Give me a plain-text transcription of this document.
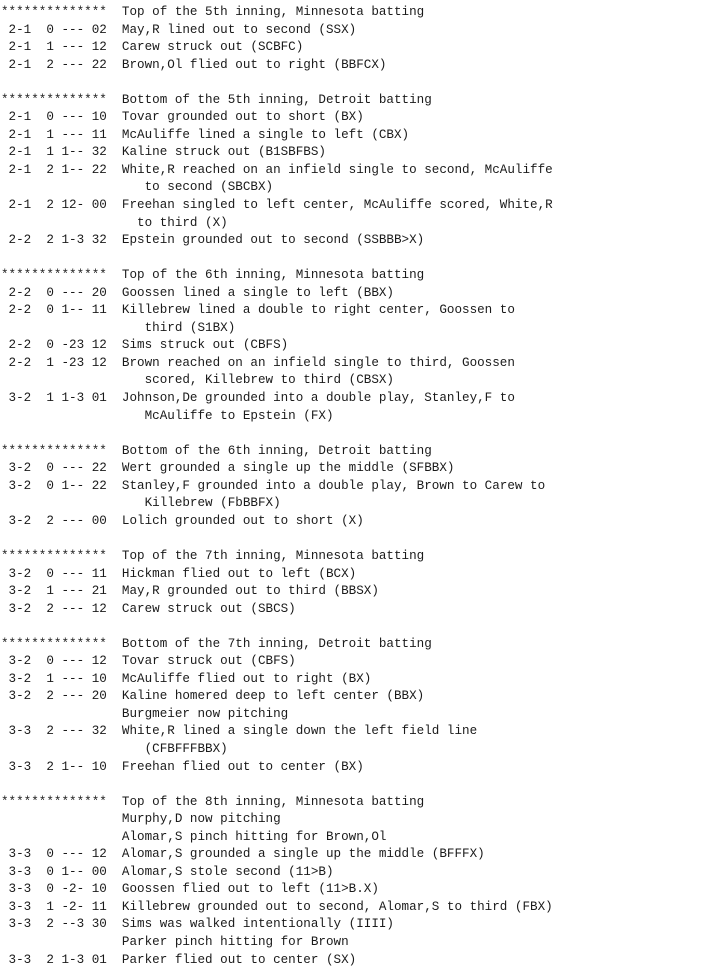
**************  Top of the 5th inning, Minnesota batting
2-1  0 --- 02  May,R lined out to second (SSX)
2-1  1 --- 12  Carew struck out (SCBFC)
2-1  2 --- 22  Brown,Ol flied out to right (BBFCX)
**************  Bottom of the 5th inning, Detroit batting
2-1  0 --- 10  Tovar grounded out to short (BX)
2-1  1 --- 11  McAuliffe lined a single to left (CBX)
2-1  1 1-- 32  Kaline struck out (B1SBFBS)
2-1  2 1-- 22  White,R reached on an infield single to second, McAuliffe
to second (SBCBX)
2-1  2 12- 00  Freehan singled to left center, McAuliffe scored, White,R
to third (X)
2-2  2 1-3 32  Epstein grounded out to second (SSBBB>X)
**************  Top of the 6th inning, Minnesota batting
2-2  0 --- 20  Goossen lined a single to left (BBX)
2-2  0 1-- 11  Killebrew lined a double to right center, Goossen to
third (S1BX)
2-2  0 -23 12  Sims struck out (CBFS)
2-2  1 -23 12  Brown reached on an infield single to third, Goossen
scored, Killebrew to third (CBSX)
3-2  1 1-3 01  Johnson,De grounded into a double play, Stanley,F to
McAuliffe to Epstein (FX)
**************  Bottom of the 6th inning, Detroit batting
3-2  0 --- 22  Wert grounded a single up the middle (SFBBX)
3-2  0 1-- 22  Stanley,F grounded into a double play, Brown to Carew to
Killebrew (FbBBFX)
3-2  2 --- 00  Lolich grounded out to short (X)
**************  Top of the 7th inning, Minnesota batting
3-2  0 --- 11  Hickman flied out to left (BCX)
3-2  1 --- 21  May,R grounded out to third (BBSX)
3-2  2 --- 12  Carew struck out (SBCS)
**************  Bottom of the 7th inning, Detroit batting
3-2  0 --- 12  Tovar struck out (CBFS)
3-2  1 --- 10  McAuliffe flied out to right (BX)
3-2  2 --- 20  Kaline homered deep to left center (BBX)
Burgmeier now pitching
3-3  2 --- 32  White,R lined a single down the left field line
(CFBFFFBBX)
3-3  2 1-- 10  Freehan flied out to center (BX)
**************  Top of the 8th inning, Minnesota batting
Murphy,D now pitching
Alomar,S pinch hitting for Brown,Ol
3-3  0 --- 12  Alomar,S grounded a single up the middle (BFFFX)
3-3  0 1-- 00  Alomar,S stole second (11>B)
3-3  0 -2- 10  Goossen flied out to left (11>B.X)
3-3  1 -2- 11  Killebrew grounded out to second, Alomar,S to third (FBX)
3-3  2 --3 30  Sims was walked intentionally (IIII)
Parker pinch hitting for Brown
3-3  2 1-3 01  Parker flied out to center (SX)
